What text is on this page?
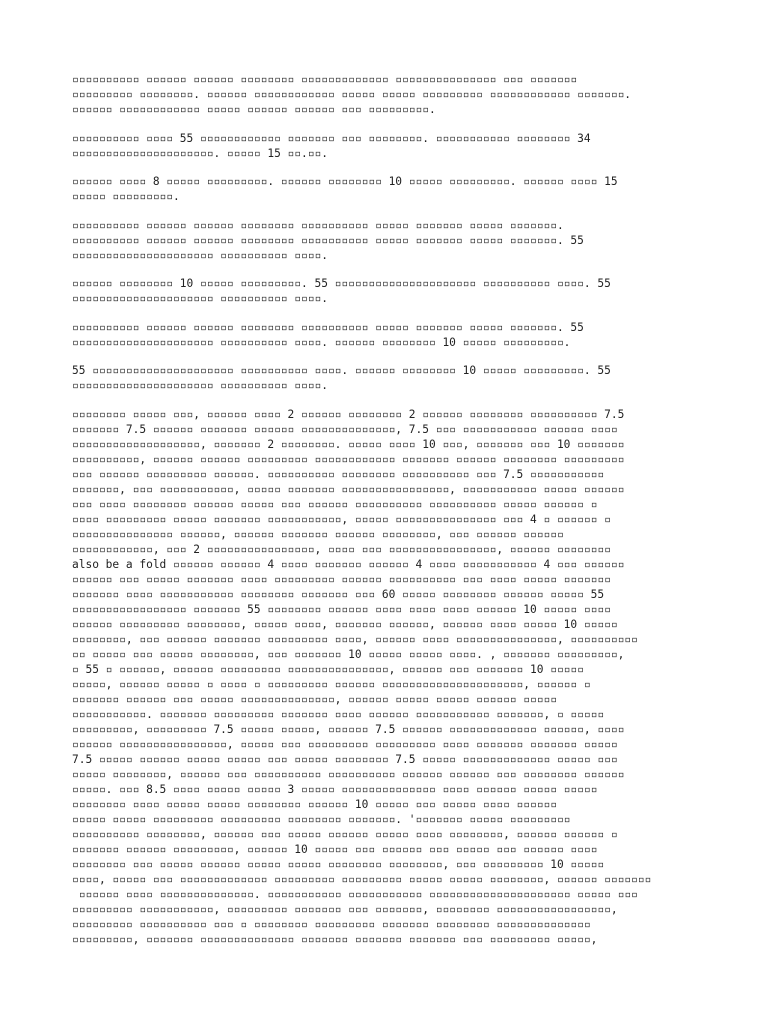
▫▫▫▫▫▫▫▫▫▫ ▫▫▫▫▫▫ ▫▫▫▫▫▫ ▫▫▫▫▫▫▫▫ ▫▫▫▫▫▫▫▫▫▫▫▫▫ ▫▫▫▫▫▫▫▫▫▫▫▫▫▫▫ ▫▫▫ ▫▫▫▫▫▫▫
▫▫▫▫▫▫▫▫▫ ▫▫▫▫▫▫▫▫. ▫▫▫▫▫▫ ▫▫▫▫▫▫▫▫▫▫▫▫ ▫▫▫▫▫ ▫▫▫▫▫ ▫▫▫▫▫▫▫▫▫ ▫▫▫▫▫▫▫▫▫▫▫▫ ▫▫▫▫▫▫▫.
▫▫▫▫▫▫ ▫▫▫▫▫▫▫▫▫▫▫▫ ▫▫▫▫▫ ▫▫▫▫▫▫ ▫▫▫▫▫▫ ▫▫▫ ▫▫▫▫▫▫▫▫▫.

▫▫▫▫▫▫▫▫▫▫ ▫▫▫▫ 55 ▫▫▫▫▫▫▫▫▫▫▫▫ ▫▫▫▫▫▫▫ ▫▫▫ ▫▫▫▫▫▫▫▫. ▫▫▫▫▫▫▫▫▫▫▫ ▫▫▫▫▫▫▫▫ 34
▫▫▫▫▫▫▫▫▫▫▫▫▫▫▫▫▫▫▫▫▫. ▫▫▫▫▫ 15 ▫▫.▫▫.

▫▫▫▫▫▫ ▫▫▫▫ 8 ▫▫▫▫▫ ▫▫▫▫▫▫▫▫▫. ▫▫▫▫▫▫ ▫▫▫▫▫▫▫▫ 10 ▫▫▫▫▫ ▫▫▫▫▫▫▫▫▫. ▫▫▫▫▫▫ ▫▫▫▫ 15
▫▫▫▫▫ ▫▫▫▫▫▫▫▫▫.

▫▫▫▫▫▫▫▫▫▫ ▫▫▫▫▫▫ ▫▫▫▫▫▫ ▫▫▫▫▫▫▫▫ ▫▫▫▫▫▫▫▫▫▫ ▫▫▫▫▫ ▫▫▫▫▫▫▫ ▫▫▫▫▫ ▫▫▫▫▫▫▫.
▫▫▫▫▫▫▫▫▫▫ ▫▫▫▫▫▫ ▫▫▫▫▫▫ ▫▫▫▫▫▫▫▫ ▫▫▫▫▫▫▫▫▫▫ ▫▫▫▫▫ ▫▫▫▫▫▫▫ ▫▫▫▫▫ ▫▫▫▫▫▫▫. 55
▫▫▫▫▫▫▫▫▫▫▫▫▫▫▫▫▫▫▫▫▫ ▫▫▫▫▫▫▫▫▫▫ ▫▫▫▫.

▫▫▫▫▫▫ ▫▫▫▫▫▫▫▫ 10 ▫▫▫▫▫ ▫▫▫▫▫▫▫▫▫. 55 ▫▫▫▫▫▫▫▫▫▫▫▫▫▫▫▫▫▫▫▫▫ ▫▫▫▫▫▫▫▫▫▫ ▫▫▫▫. 55
▫▫▫▫▫▫▫▫▫▫▫▫▫▫▫▫▫▫▫▫▫ ▫▫▫▫▫▫▫▫▫▫ ▫▫▫▫.

▫▫▫▫▫▫▫▫▫▫ ▫▫▫▫▫▫ ▫▫▫▫▫▫ ▫▫▫▫▫▫▫▫ ▫▫▫▫▫▫▫▫▫▫ ▫▫▫▫▫ ▫▫▫▫▫▫▫ ▫▫▫▫▫ ▫▫▫▫▫▫▫. 55
▫▫▫▫▫▫▫▫▫▫▫▫▫▫▫▫▫▫▫▫▫ ▫▫▫▫▫▫▫▫▫▫ ▫▫▫▫. ▫▫▫▫▫▫ ▫▫▫▫▫▫▫▫ 10 ▫▫▫▫▫ ▫▫▫▫▫▫▫▫▫.

55 ▫▫▫▫▫▫▫▫▫▫▫▫▫▫▫▫▫▫▫▫▫ ▫▫▫▫▫▫▫▫▫▫ ▫▫▫▫. ▫▫▫▫▫▫ ▫▫▫▫▫▫▫▫ 10 ▫▫▫▫▫ ▫▫▫▫▫▫▫▫▫. 55
▫▫▫▫▫▫▫▫▫▫▫▫▫▫▫▫▫▫▫▫▫ ▫▫▫▫▫▫▫▫▫▫ ▫▫▫▫.

▫▫▫▫▫▫▫▫ ▫▫▫▫▫ ▫▫▫, ▫▫▫▫▫▫ ▫▫▫▫ 2 ▫▫▫▫▫▫ ▫▫▫▫▫▫▫▫ 2 ▫▫▫▫▫▫ ▫▫▫▫▫▫▫▫ ▫▫▫▫▫▫▫▫▫▫ 7.5
▫▫▫▫▫▫▫ 7.5 ▫▫▫▫▫▫ ▫▫▫▫▫▫▫ ▫▫▫▫▫▫ ▫▫▫▫▫▫▫▫▫▫▫▫▫▫, 7.5 ▫▫▫ ▫▫▫▫▫▫▫▫▫▫▫ ▫▫▫▫▫▫ ▫▫▫▫
▫▫▫▫▫▫▫▫▫▫▫▫▫▫▫▫▫▫▫, ▫▫▫▫▫▫▫ 2 ▫▫▫▫▫▫▫▫. ▫▫▫▫▫ ▫▫▫▫ 10 ▫▫▫, ▫▫▫▫▫▫▫ ▫▫▫ 10 ▫▫▫▫▫▫▫
▫▫▫▫▫▫▫▫▫▫, ▫▫▫▫▫▫ ▫▫▫▫▫▫ ▫▫▫▫▫▫▫▫▫ ▫▫▫▫▫▫▫▫▫▫▫▫ ▫▫▫▫▫▫▫ ▫▫▫▫▫▫ ▫▫▫▫▫▫▫▫ ▫▫▫▫▫▫▫▫▫
▫▫▫ ▫▫▫▫▫▫ ▫▫▫▫▫▫▫▫▫ ▫▫▫▫▫▫. ▫▫▫▫▫▫▫▫▫▫ ▫▫▫▫▫▫▫▫ ▫▫▫▫▫▫▫▫▫▫ ▫▫▫ 7.5 ▫▫▫▫▫▫▫▫▫▫▫
▫▫▫▫▫▫▫, ▫▫▫ ▫▫▫▫▫▫▫▫▫▫▫, ▫▫▫▫▫ ▫▫▫▫▫▫▫ ▫▫▫▫▫▫▫▫▫▫▫▫▫▫▫▫, ▫▫▫▫▫▫▫▫▫▫▫ ▫▫▫▫▫ ▫▫▫▫▫▫
▫▫▫ ▫▫▫▫ ▫▫▫▫▫▫▫▫ ▫▫▫▫▫▫ ▫▫▫▫▫ ▫▫▫ ▫▫▫▫▫▫ ▫▫▫▫▫▫▫▫▫▫ ▫▫▫▫▫▫▫▫▫▫ ▫▫▫▫▫ ▫▫▫▫▫▫ ▫
▫▫▫▫ ▫▫▫▫▫▫▫▫▫ ▫▫▫▫▫ ▫▫▫▫▫▫▫ ▫▫▫▫▫▫▫▫▫▫▫, ▫▫▫▫▫ ▫▫▫▫▫▫▫▫▫▫▫▫▫▫▫ ▫▫▫ 4 ▫ ▫▫▫▫▫▫ ▫
▫▫▫▫▫▫▫▫▫▫▫▫▫▫▫ ▫▫▫▫▫▫, ▫▫▫▫▫▫ ▫▫▫▫▫▫▫ ▫▫▫▫▫▫ ▫▫▫▫▫▫▫▫, ▫▫▫ ▫▫▫▫▫▫ ▫▫▫▫▫▫
▫▫▫▫▫▫▫▫▫▫▫▫, ▫▫▫ 2 ▫▫▫▫▫▫▫▫▫▫▫▫▫▫▫▫, ▫▫▫▫ ▫▫▫ ▫▫▫▫▫▫▫▫▫▫▫▫▫▫▫▫, ▫▫▫▫▫▫ ▫▫▫▫▫▫▫▫
also be a fold ▫▫▫▫▫▫ ▫▫▫▫▫▫ 4 ▫▫▫▫ ▫▫▫▫▫▫▫ ▫▫▫▫▫▫ 4 ▫▫▫▫ ▫▫▫▫▫▫▫▫▫▫▫ 4 ▫▫▫ ▫▫▫▫▫▫
▫▫▫▫▫▫ ▫▫▫ ▫▫▫▫▫ ▫▫▫▫▫▫▫ ▫▫▫▫ ▫▫▫▫▫▫▫▫▫ ▫▫▫▫▫▫ ▫▫▫▫▫▫▫▫▫▫ ▫▫▫ ▫▫▫▫ ▫▫▫▫▫ ▫▫▫▫▫▫▫
▫▫▫▫▫▫▫ ▫▫▫▫ ▫▫▫▫▫▫▫▫▫▫▫ ▫▫▫▫▫▫▫▫ ▫▫▫▫▫▫▫ ▫▫▫ 60 ▫▫▫▫▫ ▫▫▫▫▫▫▫▫ ▫▫▫▫▫▫ ▫▫▫▫▫ 55
▫▫▫▫▫▫▫▫▫▫▫▫▫▫▫▫▫ ▫▫▫▫▫▫▫ 55 ▫▫▫▫▫▫▫▫ ▫▫▫▫▫▫ ▫▫▫▫ ▫▫▫▫ ▫▫▫▫ ▫▫▫▫▫▫ 10 ▫▫▫▫▫ ▫▫▫▫
▫▫▫▫▫▫ ▫▫▫▫▫▫▫▫▫ ▫▫▫▫▫▫▫▫, ▫▫▫▫▫ ▫▫▫▫, ▫▫▫▫▫▫▫ ▫▫▫▫▫▫, ▫▫▫▫▫▫ ▫▫▫▫ ▫▫▫▫▫ 10 ▫▫▫▫▫
▫▫▫▫▫▫▫▫, ▫▫▫ ▫▫▫▫▫▫ ▫▫▫▫▫▫▫ ▫▫▫▫▫▫▫▫▫ ▫▫▫▫, ▫▫▫▫▫▫ ▫▫▫▫ ▫▫▫▫▫▫▫▫▫▫▫▫▫▫▫, ▫▫▫▫▫▫▫▫▫▫
▫▫ ▫▫▫▫▫ ▫▫▫ ▫▫▫▫▫ ▫▫▫▫▫▫▫▫, ▫▫▫ ▫▫▫▫▫▫▫ 10 ▫▫▫▫▫ ▫▫▫▫▫ ▫▫▫▫. , ▫▫▫▫▫▫▫ ▫▫▫▫▫▫▫▫▫,
▫ 55 ▫ ▫▫▫▫▫▫, ▫▫▫▫▫▫ ▫▫▫▫▫▫▫▫▫ ▫▫▫▫▫▫▫▫▫▫▫▫▫▫▫, ▫▫▫▫▫▫ ▫▫▫ ▫▫▫▫▫▫▫ 10 ▫▫▫▫▫
▫▫▫▫▫, ▫▫▫▫▫▫ ▫▫▫▫▫ ▫ ▫▫▫▫ ▫ ▫▫▫▫▫▫▫▫▫ ▫▫▫▫▫▫ ▫▫▫▫▫▫▫▫▫▫▫▫▫▫▫▫▫▫▫▫▫, ▫▫▫▫▫▫ ▫
▫▫▫▫▫▫▫ ▫▫▫▫▫▫ ▫▫▫ ▫▫▫▫▫ ▫▫▫▫▫▫▫▫▫▫▫▫▫▫, ▫▫▫▫▫▫ ▫▫▫▫▫ ▫▫▫▫▫ ▫▫▫▫▫▫ ▫▫▫▫▫
▫▫▫▫▫▫▫▫▫▫▫. ▫▫▫▫▫▫▫ ▫▫▫▫▫▫▫▫▫ ▫▫▫▫▫▫▫ ▫▫▫▫ ▫▫▫▫▫▫ ▫▫▫▫▫▫▫▫▫▫▫ ▫▫▫▫▫▫▫, ▫ ▫▫▫▫▫
▫▫▫▫▫▫▫▫▫, ▫▫▫▫▫▫▫▫▫ 7.5 ▫▫▫▫▫ ▫▫▫▫▫, ▫▫▫▫▫▫ 7.5 ▫▫▫▫▫▫ ▫▫▫▫▫▫▫▫▫▫▫▫▫ ▫▫▫▫▫▫, ▫▫▫▫
▫▫▫▫▫▫ ▫▫▫▫▫▫▫▫▫▫▫▫▫▫▫▫, ▫▫▫▫▫ ▫▫▫ ▫▫▫▫▫▫▫▫▫ ▫▫▫▫▫▫▫▫▫ ▫▫▫▫ ▫▫▫▫▫▫▫ ▫▫▫▫▫▫▫ ▫▫▫▫▫
7.5 ▫▫▫▫▫ ▫▫▫▫▫▫ ▫▫▫▫▫ ▫▫▫▫▫ ▫▫▫ ▫▫▫▫▫ ▫▫▫▫▫▫▫▫ 7.5 ▫▫▫▫▫ ▫▫▫▫▫▫▫▫▫▫▫▫▫ ▫▫▫▫▫ ▫▫▫
▫▫▫▫▫ ▫▫▫▫▫▫▫▫, ▫▫▫▫▫▫ ▫▫▫ ▫▫▫▫▫▫▫▫▫▫ ▫▫▫▫▫▫▫▫▫▫ ▫▫▫▫▫▫ ▫▫▫▫▫▫ ▫▫▫ ▫▫▫▫▫▫▫▫ ▫▫▫▫▫▫
▫▫▫▫▫. ▫▫▫ 8.5 ▫▫▫▫ ▫▫▫▫▫ ▫▫▫▫▫ 3 ▫▫▫▫▫ ▫▫▫▫▫▫▫▫▫▫▫▫▫▫ ▫▫▫▫ ▫▫▫▫▫▫ ▫▫▫▫▫ ▫▫▫▫▫
▫▫▫▫▫▫▫▫ ▫▫▫▫ ▫▫▫▫▫ ▫▫▫▫▫ ▫▫▫▫▫▫▫▫ ▫▫▫▫▫▫ 10 ▫▫▫▫▫ ▫▫▫ ▫▫▫▫▫ ▫▫▫▫ ▫▫▫▫▫▫
▫▫▫▫▫ ▫▫▫▫▫ ▫▫▫▫▫▫▫▫▫ ▫▫▫▫▫▫▫▫▫ ▫▫▫▫▫▫▫▫ ▫▫▫▫▫▫▫. '▫▫▫▫▫▫▫ ▫▫▫▫▫ ▫▫▫▫▫▫▫▫▫
▫▫▫▫▫▫▫▫▫▫ ▫▫▫▫▫▫▫▫, ▫▫▫▫▫▫ ▫▫▫ ▫▫▫▫▫ ▫▫▫▫▫▫ ▫▫▫▫▫ ▫▫▫▫ ▫▫▫▫▫▫▫▫, ▫▫▫▫▫▫ ▫▫▫▫▫▫ ▫
▫▫▫▫▫▫▫ ▫▫▫▫▫▫ ▫▫▫▫▫▫▫▫▫, ▫▫▫▫▫▫ 10 ▫▫▫▫▫ ▫▫▫ ▫▫▫▫▫▫ ▫▫▫ ▫▫▫▫▫ ▫▫▫ ▫▫▫▫▫▫ ▫▫▫▫
▫▫▫▫▫▫▫▫ ▫▫▫ ▫▫▫▫▫ ▫▫▫▫▫▫ ▫▫▫▫▫ ▫▫▫▫▫ ▫▫▫▫▫▫▫▫ ▫▫▫▫▫▫▫▫, ▫▫▫ ▫▫▫▫▫▫▫▫▫ 10 ▫▫▫▫▫
▫▫▫▫, ▫▫▫▫▫ ▫▫▫ ▫▫▫▫▫▫▫▫▫▫▫▫▫ ▫▫▫▫▫▫▫▫▫ ▫▫▫▫▫▫▫▫▫ ▫▫▫▫▫ ▫▫▫▫▫ ▫▫▫▫▫▫▫▫, ▫▫▫▫▫▫ ▫▫▫▫▫▫▫
▫▫▫▫▫▫ ▫▫▫▫ ▫▫▫▫▫▫▫▫▫▫▫▫▫▫. ▫▫▫▫▫▫▫▫▫▫▫ ▫▫▫▫▫▫▫▫▫▫▫ ▫▫▫▫▫▫▫▫▫▫▫▫▫▫▫▫▫▫▫▫▫ ▫▫▫▫▫ ▫▫▫
▫▫▫▫▫▫▫▫▫ ▫▫▫▫▫▫▫▫▫▫▫, ▫▫▫▫▫▫▫▫▫ ▫▫▫▫▫▫▫ ▫▫▫ ▫▫▫▫▫▫▫, ▫▫▫▫▫▫▫▫ ▫▫▫▫▫▫▫▫▫▫▫▫▫▫▫▫▫,
▫▫▫▫▫▫▫▫▫ ▫▫▫▫▫▫▫▫▫▫ ▫▫▫ ▫ ▫▫▫▫▫▫▫▫ ▫▫▫▫▫▫▫▫▫ ▫▫▫▫▫▫▫ ▫▫▫▫▫▫▫▫ ▫▫▫▫▫▫▫▫▫▫▫▫▫▫
▫▫▫▫▫▫▫▫▫, ▫▫▫▫▫▫▫ ▫▫▫▫▫▫▫▫▫▫▫▫▫▫ ▫▫▫▫▫▫▫ ▫▫▫▫▫▫▫ ▫▫▫▫▫▫▫ ▫▫▫ ▫▫▫▫▫▫▫▫▫ ▫▫▫▫▫,
